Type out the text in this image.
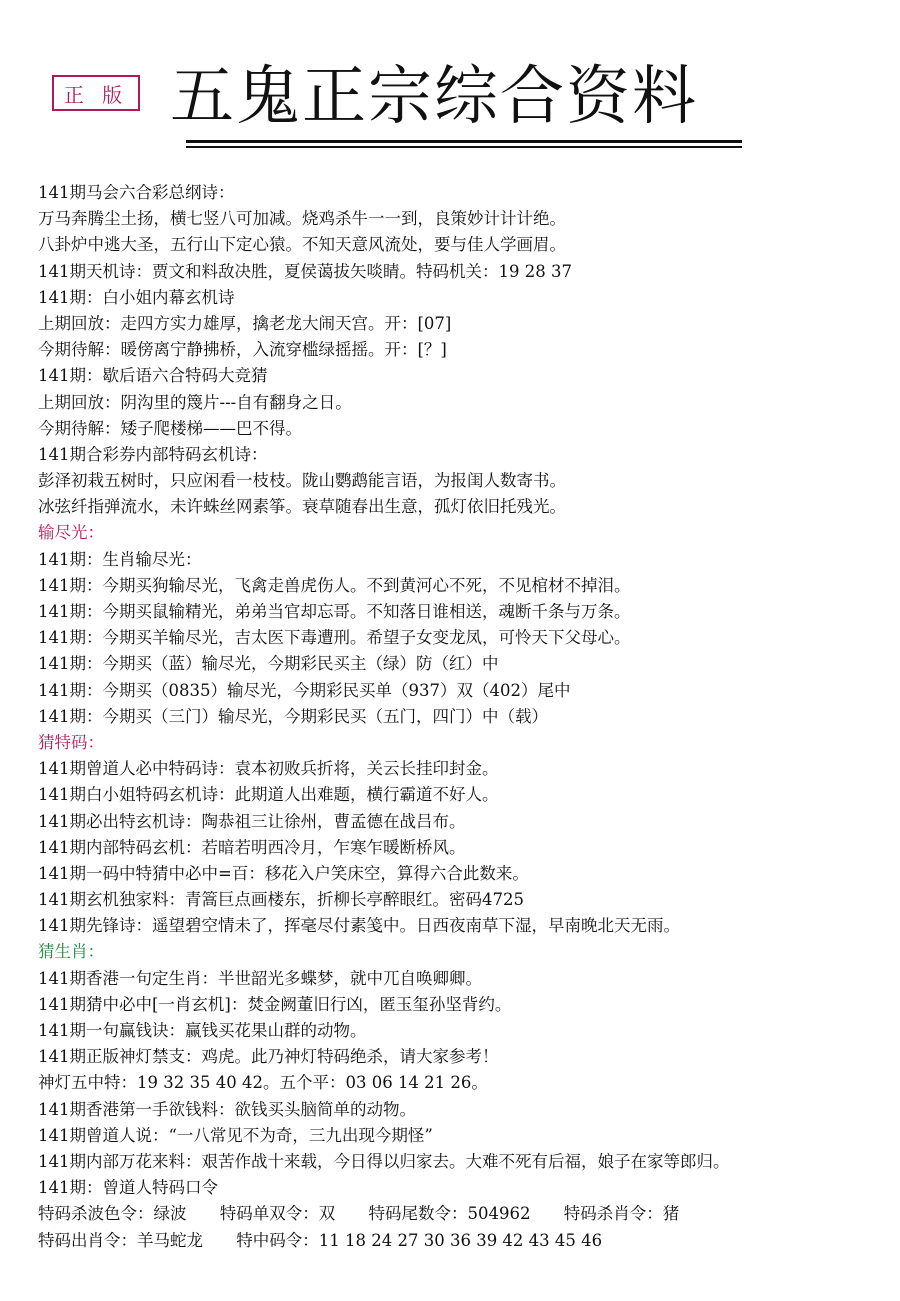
正 版 五鬼正宗综合资料
141期马会六合彩总纲诗：
万马奔腾尘土扬，横七竖八可加减。烧鸡杀牛一一到，良策妙计计计绝。
八卦炉中逃大圣，五行山下定心猿。不知天意风流处，要与佳人学画眉。
141期天机诗：贾文和料敌决胜，夏侯蔼拔矢啖睛。特码机关：19 28 37
141期：白小姐内幕玄机诗
上期回放：走四方实力雄厚，擒老龙大闹天宫。开：[07]
今期待解：暖傍离宁静拂桥，入流穿槛绿摇摇。开：[？]
141期：歇后语六合特码大竞猜
上期回放：阴沟里的篾片---自有翻身之日。
今期待解：矮子爬楼梯——巴不得。
141期合彩券内部特码玄机诗：
彭泽初栽五树时，只应闲看一枝枝。陇山鹦鹉能言语，为报闺人数寄书。
冰弦纤指弹流水，未许蛛丝网素筝。衰草随春出生意，孤灯依旧托残光。
输尽光：
141期：生肖输尽光：
141期：今期买狗输尽光，飞禽走兽虎伤人。不到黄河心不死，不见棺材不掉泪。
141期：今期买鼠输精光，弟弟当官却忘哥。不知落日谁相送，魂断千条与万条。
141期：今期买羊输尽光，吉太医下毒遭刑。希望子女变龙凤，可怜天下父母心。
141期：今期买（蓝）输尽光，今期彩民买主（绿）防（红）中
141期：今期买（0835）输尽光，今期彩民买单（937）双（402）尾中
141期：今期买（三门）输尽光，今期彩民买（五门，四门）中（载）
猜特码：
141期曾道人必中特码诗：袁本初败兵折将，关云长挂印封金。
141期白小姐特码玄机诗：此期道人出难题，横行霸道不好人。
141期必出特玄机诗：陶恭祖三让徐州，曹孟德在战吕布。
141期内部特码玄机：若暗若明西冷月，乍寒乍暖断桥风。
141期一码中特猜中必中=百：移花入户笑床空，算得六合此数来。
141期玄机独家料：青篙巨点画楼东，折柳长亭醉眼红。密码4725
141期先锋诗：遥望碧空情未了，挥毫尽付素笺中。日西夜南草下湿，早南晚北天无雨。
猜生肖：
141期香港一句定生肖：半世韶光多蝶梦，就中兀自唤卿卿。
141期猜中必中[一肖玄机]：焚金阙董旧行凶，匿玉玺孙坚背约。
141期一句赢钱诀：赢钱买花果山群的动物。
141期正版神灯禁支：鸡虎。此乃神灯特码绝杀，请大家参考！
神灯五中特：19 32 35 40 42。五个平：03 06 14 21 26。
141期香港第一手欲钱料：欲钱买头脑简单的动物。
141期曾道人说：“一八常见不为奇，三九出现今期怪”
141期内部万花来料：艰苦作战十来载，今日得以归家去。大难不死有后福，娘子在家等郎归。
141期：曾道人特码口令
特码杀波色令：绿波 特码单双令：双 特码尾数令：504962 特码杀肖令：猪
特码出肖令：羊马蛇龙 特中码令：11 18 24 27 30 36 39 42 43 45 46
